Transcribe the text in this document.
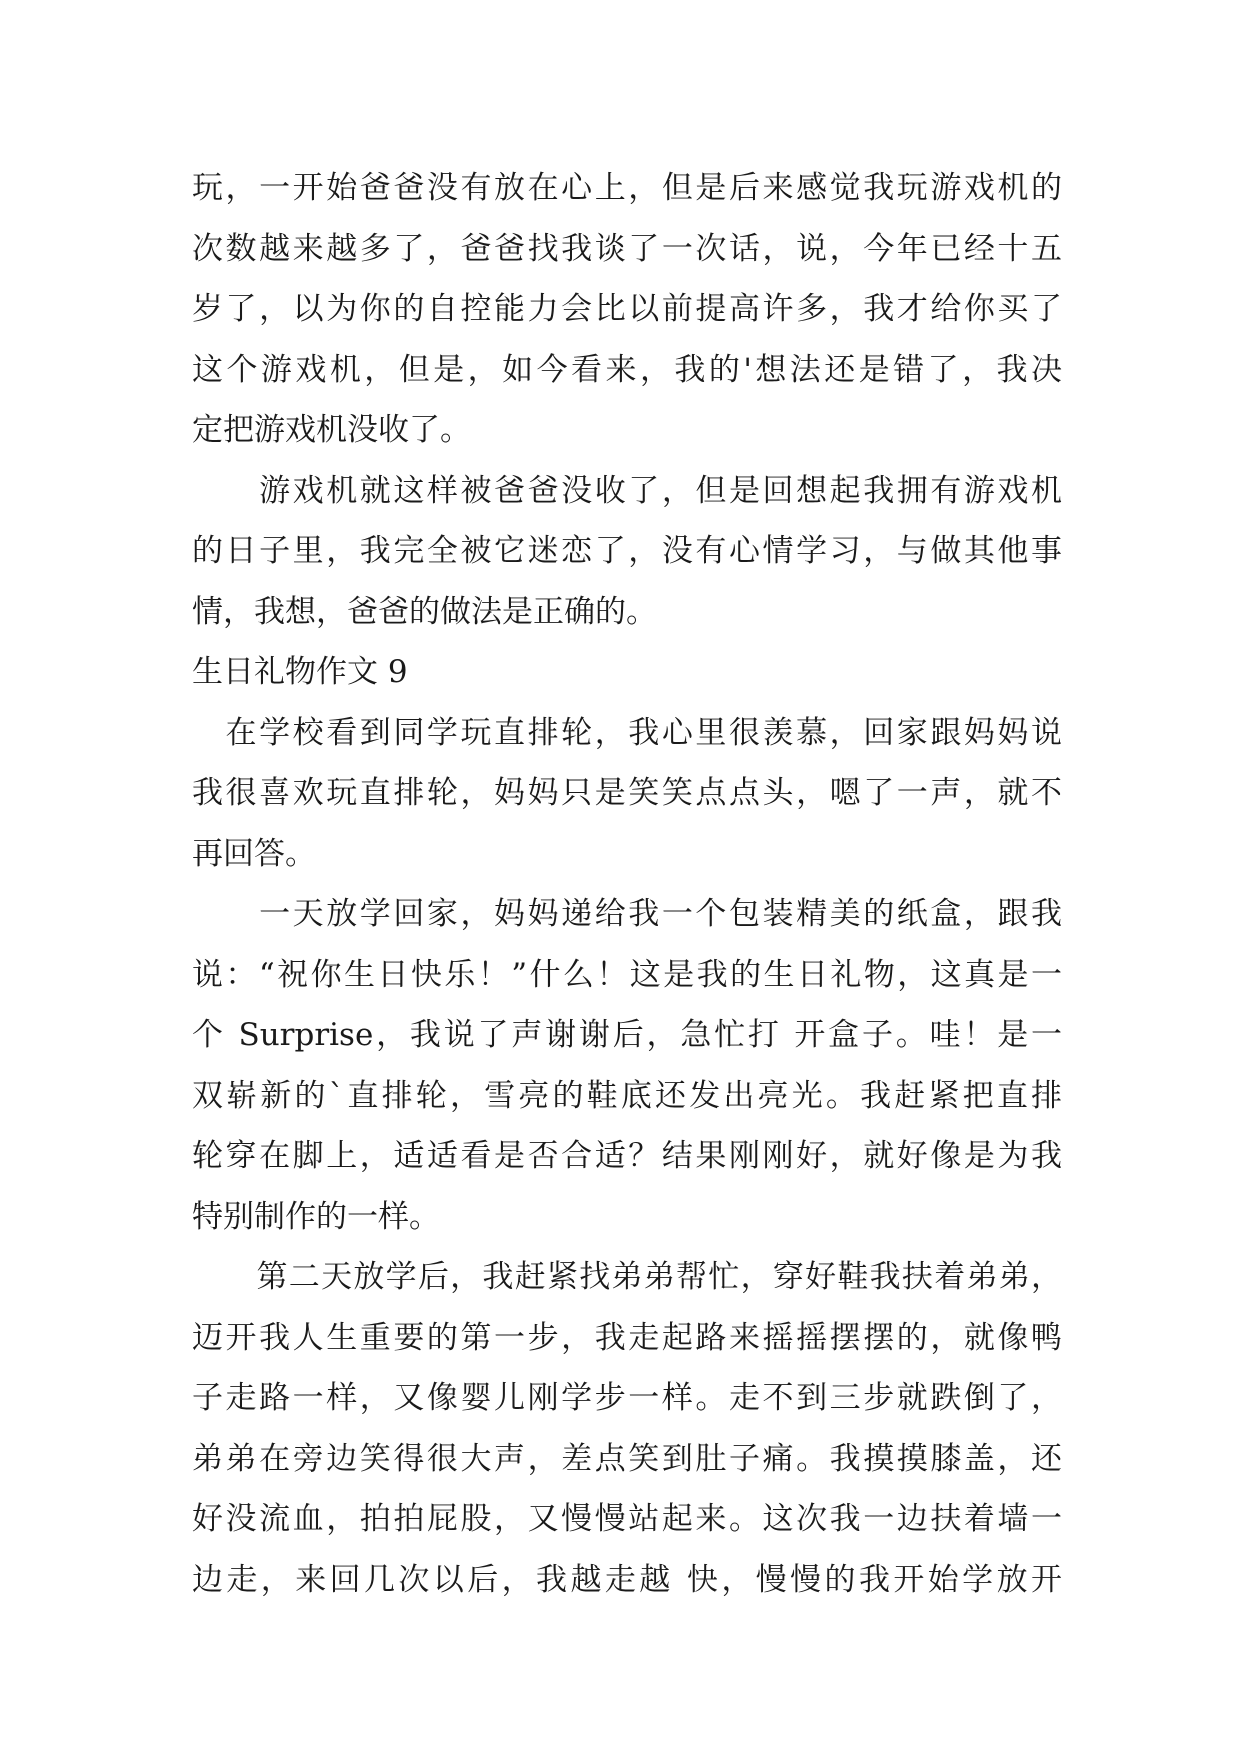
玩，一开始爸爸没有放在心上，但是后来感觉我玩游戏机的
次数越来越多了，爸爸找我谈了一次话，说，今年已经十五
岁了，以为你的自控能力会比以前提高许多，我才给你买了
这个游戏机，但是，如今看来，我的'想法还是错了，我决
定把游戏机没收了。
　　游戏机就这样被爸爸没收了，但是回想起我拥有游戏机
的日子里，我完全被它迷恋了，没有心情学习，与做其他事
情，我想，爸爸的做法是正确的。
生日礼物作文 9
　在学校看到同学玩直排轮，我心里很羡慕，回家跟妈妈说
我很喜欢玩直排轮，妈妈只是笑笑点点头，嗯了一声，就不
再回答。
　　一天放学回家，妈妈递给我一个包装精美的纸盒，跟我
说：“祝你生日快乐！”什么！这是我的生日礼物，这真是一
个 Surprise，我说了声谢谢后，急忙打 开盒子。哇！是一
双崭新的`直排轮，雪亮的鞋底还发出亮光。我赶紧把直排
轮穿在脚上，适适看是否合适？结果刚刚好，就好像是为我
特别制作的一样。
　　第二天放学后，我赶紧找弟弟帮忙，穿好鞋我扶着弟弟，
迈开我人生重要的第一步，我走起路来摇摇摆摆的，就像鸭
子走路一样，又像婴儿刚学步一样。走不到三步就跌倒了，
弟弟在旁边笑得很大声，差点笑到肚子痛。我摸摸膝盖，还
好没流血，拍拍屁股，又慢慢站起来。这次我一边扶着墙一
边走，来回几次以后，我越走越 快，慢慢的我开始学放开
